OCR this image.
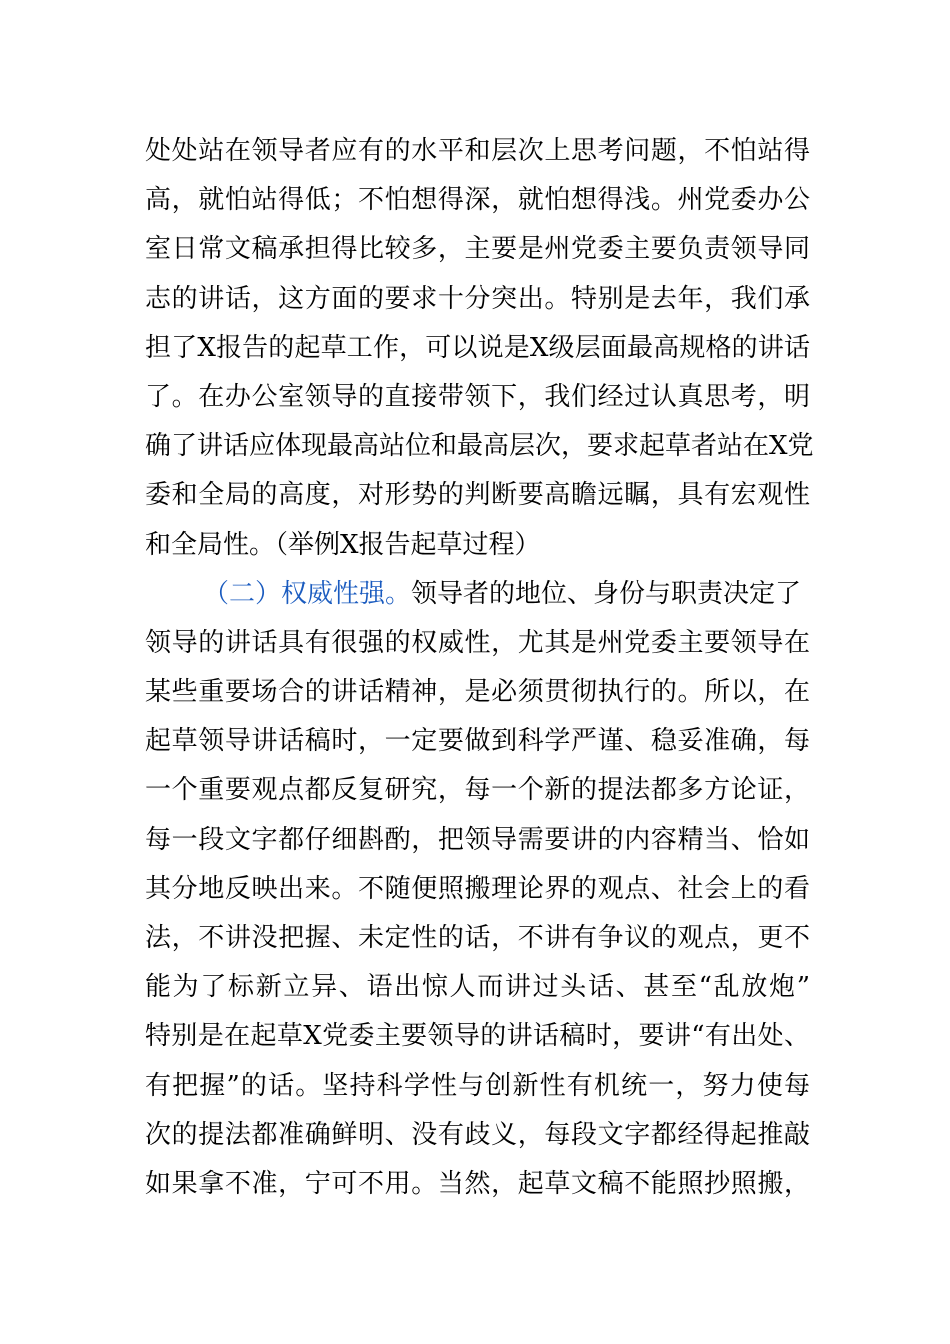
处处站在领导者应有的水平和层次上思考问题，不怕站得
高，就怕站得低；不怕想得深，就怕想得浅。州党委办公
室日常文稿承担得比较多，主要是州党委主要负责领导同
志的讲话，这方面的要求十分突出。特别是去年，我们承
担了X报告的起草工作，可以说是X级层面最高规格的讲话
了。在办公室领导的直接带领下，我们经过认真思考，明
确了讲话应体现最高站位和最高层次，要求起草者站在X党
委和全局的高度，对形势的判断要高瞻远瞩，具有宏观性
和全局性。（举例X报告起草过程）
（二）权威性强。领导者的地位、身份与职责决定了
领导的讲话具有很强的权威性，尤其是州党委主要领导在
某些重要场合的讲话精神，是必须贯彻执行的。所以，在
起草领导讲话稿时，一定要做到科学严谨、稳妥准确，每
一个重要观点都反复研究，每一个新的提法都多方论证，
每一段文字都仔细斟酌，把领导需要讲的内容精当、恰如
其分地反映出来。不随便照搬理论界的观点、社会上的看
法，不讲没把握、未定性的话，不讲有争议的观点，更不
能为了标新立异、语出惊人而讲过头话、甚至“乱放炮”
特别是在起草X党委主要领导的讲话稿时，要讲“有出处、
有把握”的话。坚持科学性与创新性有机统一，努力使每
次的提法都准确鲜明、没有歧义，每段文字都经得起推敲
如果拿不准，宁可不用。当然，起草文稿不能照抄照搬，
